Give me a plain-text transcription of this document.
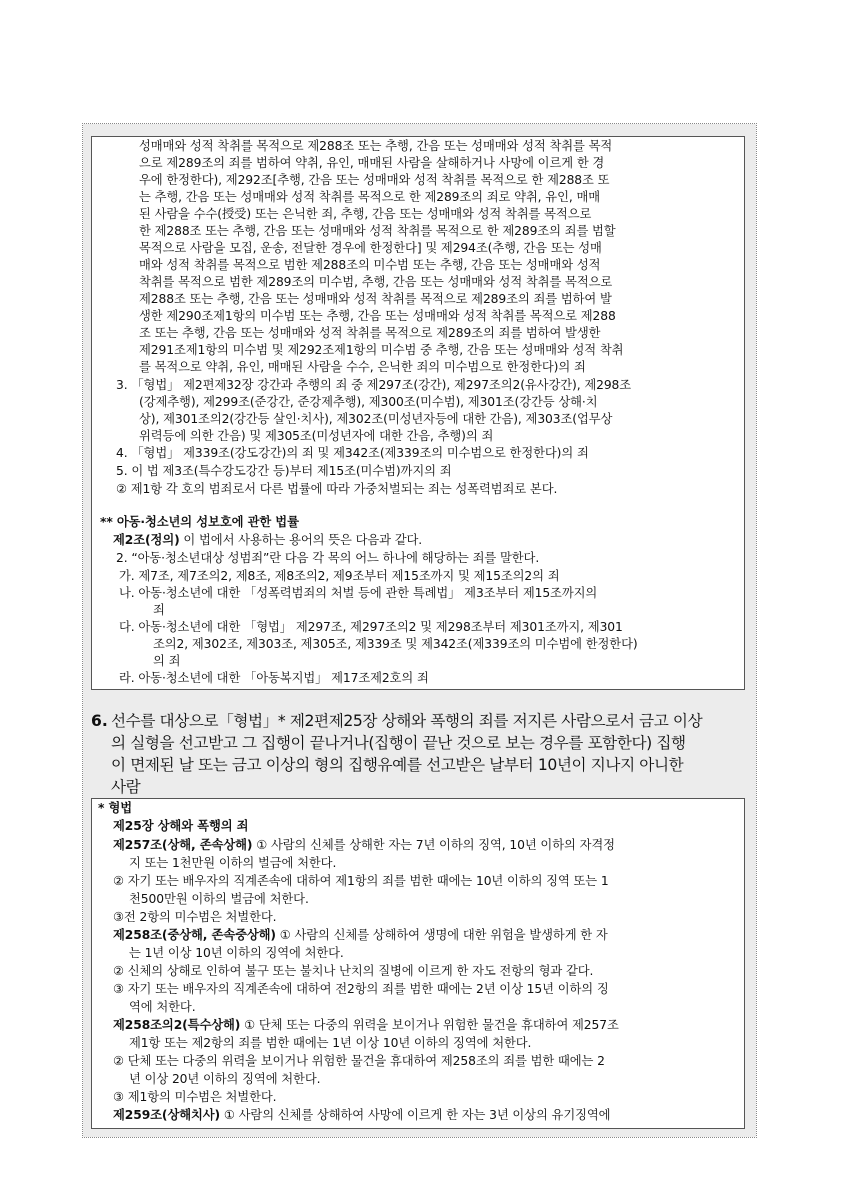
성매매와 성적 착취를 목적으로 제288조 또는 추행, 간음 또는 성매매와 성적 착취를 목적
으로 제289조의 죄를 범하여 약취, 유인, 매매된 사람을 살해하거나 사망에 이르게 한 경
우에 한정한다), 제292조[추행, 간음 또는 성매매와 성적 착취를 목적으로 한 제288조 또
는 추행, 간음 또는 성매매와 성적 착취를 목적으로 한 제289조의 죄로 약취, 유인, 매매
된 사람을 수수(授受) 또는 은닉한 죄, 추행, 간음 또는 성매매와 성적 착취를 목적으로
한 제288조 또는 추행, 간음 또는 성매매와 성적 착취를 목적으로 한 제289조의 죄를 범할
목적으로 사람을 모집, 운송, 전달한 경우에 한정한다] 및 제294조(추행, 간음 또는 성매
매와 성적 착취를 목적으로 범한 제288조의 미수범 또는 추행, 간음 또는 성매매와 성적
착취를 목적으로 범한 제289조의 미수범, 추행, 간음 또는 성매매와 성적 착취를 목적으로
제288조 또는 추행, 간음 또는 성매매와 성적 착취를 목적으로 제289조의 죄를 범하여 발
생한 제290조제1항의 미수범 또는 추행, 간음 또는 성매매와 성적 착취를 목적으로 제288
조 또는 추행, 간음 또는 성매매와 성적 착취를 목적으로 제289조의 죄를 범하여 발생한
제291조제1항의 미수범 및 제292조제1항의 미수범 중 추행, 간음 또는 성매매와 성적 착취
를 목적으로 약취, 유인, 매매된 사람을 수수, 은닉한 죄의 미수범으로 한정한다)의 죄
3. 「형법」 제2편제32장 강간과 추행의 죄 중 제297조(강간), 제297조의2(유사강간), 제298조
(강제추행), 제299조(준강간, 준강제추행), 제300조(미수범), 제301조(강간등 상해·치
상), 제301조의2(강간등 살인·치사), 제302조(미성년자등에 대한 간음), 제303조(업무상
위력등에 의한 간음) 및 제305조(미성년자에 대한 간음, 추행)의 죄
4. 「형법」 제339조(강도강간)의 죄 및 제342조(제339조의 미수범으로 한정한다)의 죄
5. 이 법 제3조(특수강도강간 등)부터 제15조(미수범)까지의 죄
② 제1항 각 호의 범죄로서 다른 법률에 따라 가중처벌되는 죄는 성폭력범죄로 본다.
** 아동·청소년의 성보호에 관한 법률
제2조(정의) 이 법에서 사용하는 용어의 뜻은 다음과 같다.
2. “아동·청소년대상 성범죄”란 다음 각 목의 어느 하나에 해당하는 죄를 말한다.
가. 제7조, 제7조의2, 제8조, 제8조의2, 제9조부터 제15조까지 및 제15조의2의 죄
나. 아동·청소년에 대한 「성폭력범죄의 처벌 등에 관한 특례법」 제3조부터 제15조까지의
죄
다. 아동·청소년에 대한 「형법」 제297조, 제297조의2 및 제298조부터 제301조까지, 제301
조의2, 제302조, 제303조, 제305조, 제339조 및 제342조(제339조의 미수범에 한정한다)
의 죄
라. 아동·청소년에 대한 「아동복지법」 제17조제2호의 죄
6. 선수를 대상으로「형법」* 제2편제25장 상해와 폭행의 죄를 저지른 사람으로서 금고 이상
의 실형을 선고받고 그 집행이 끝나거나(집행이 끝난 것으로 보는 경우를 포함한다) 집행
이 면제된 날 또는 금고 이상의 형의 집행유예를 선고받은 날부터 10년이 지나지 아니한
사람
* 형법
제25장 상해와 폭행의 죄
제257조(상해, 존속상해) ① 사람의 신체를 상해한 자는 7년 이하의 징역, 10년 이하의 자격정
지 또는 1천만원 이하의 벌금에 처한다.
② 자기 또는 배우자의 직계존속에 대하여 제1항의 죄를 범한 때에는 10년 이하의 징역 또는 1
천500만원 이하의 벌금에 처한다.
③전 2항의 미수범은 처벌한다.
제258조(중상해, 존속중상해) ① 사람의 신체를 상해하여 생명에 대한 위험을 발생하게 한 자
는 1년 이상 10년 이하의 징역에 처한다.
② 신체의 상해로 인하여 불구 또는 불치나 난치의 질병에 이르게 한 자도 전항의 형과 같다.
③ 자기 또는 배우자의 직계존속에 대하여 전2항의 죄를 범한 때에는 2년 이상 15년 이하의 징
역에 처한다.
제258조의2(특수상해) ① 단체 또는 다중의 위력을 보이거나 위험한 물건을 휴대하여 제257조
제1항 또는 제2항의 죄를 범한 때에는 1년 이상 10년 이하의 징역에 처한다.
② 단체 또는 다중의 위력을 보이거나 위험한 물건을 휴대하여 제258조의 죄를 범한 때에는 2
년 이상 20년 이하의 징역에 처한다.
③ 제1항의 미수범은 처벌한다.
제259조(상해치사) ① 사람의 신체를 상해하여 사망에 이르게 한 자는 3년 이상의 유기징역에
